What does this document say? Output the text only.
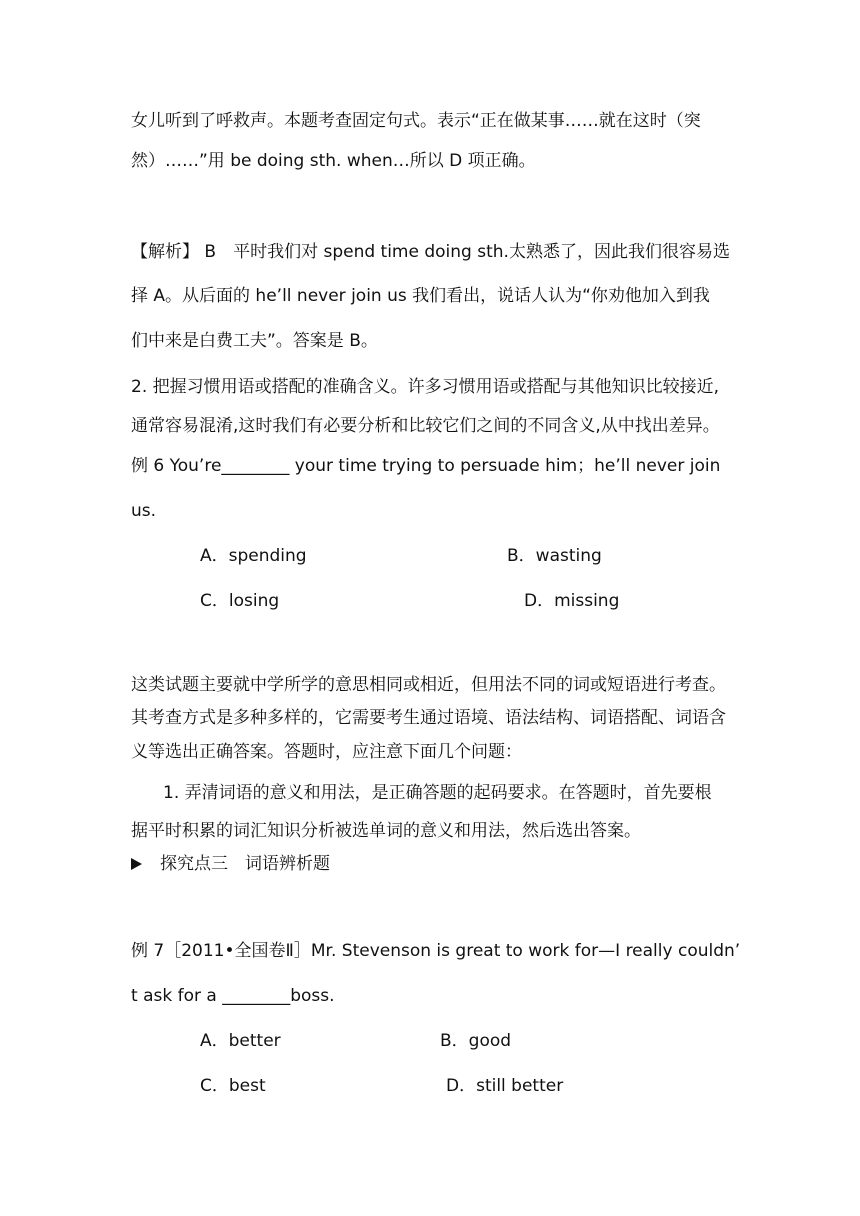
女儿听到了呼救声。本题考查固定句式。表示“正在做某事……就在这时（突
然）……”用 be doing sth. when…所以 D 项正确。
【解析】 B　平时我们对 spend time doing sth.太熟悉了，因此我们很容易选
择 A。从后面的 he’ll never join us 我们看出，说话人认为“你劝他加入到我
们中来是白费工夫”。答案是 B。
2. 把握习惯用语或搭配的准确含义。许多习惯用语或搭配与其他知识比较接近,
通常容易混淆,这时我们有必要分析和比较它们之间的不同含义,从中找出差异。
例 6 You’re________ your time trying to persuade him；he’ll never join
us.
A．spending	B．wasting
C．losing	D．missing
这类试题主要就中学所学的意思相同或相近，但用法不同的词或短语进行考查。
其考查方式是多种多样的，它需要考生通过语境、语法结构、词语搭配、词语含
义等选出正确答案。答题时，应注意下面几个问题：
1. 弄清词语的意义和用法，是正确答题的起码要求。在答题时，首先要根
据平时积累的词汇知识分析被选单词的意义和用法，然后选出答案。
探究点三　词语辨析题
例 7［2011•全国卷Ⅱ］Mr. Stevenson is great to work for—I really couldn’
t ask for a ________boss.
A．better	B．good
C．best	D．still better
